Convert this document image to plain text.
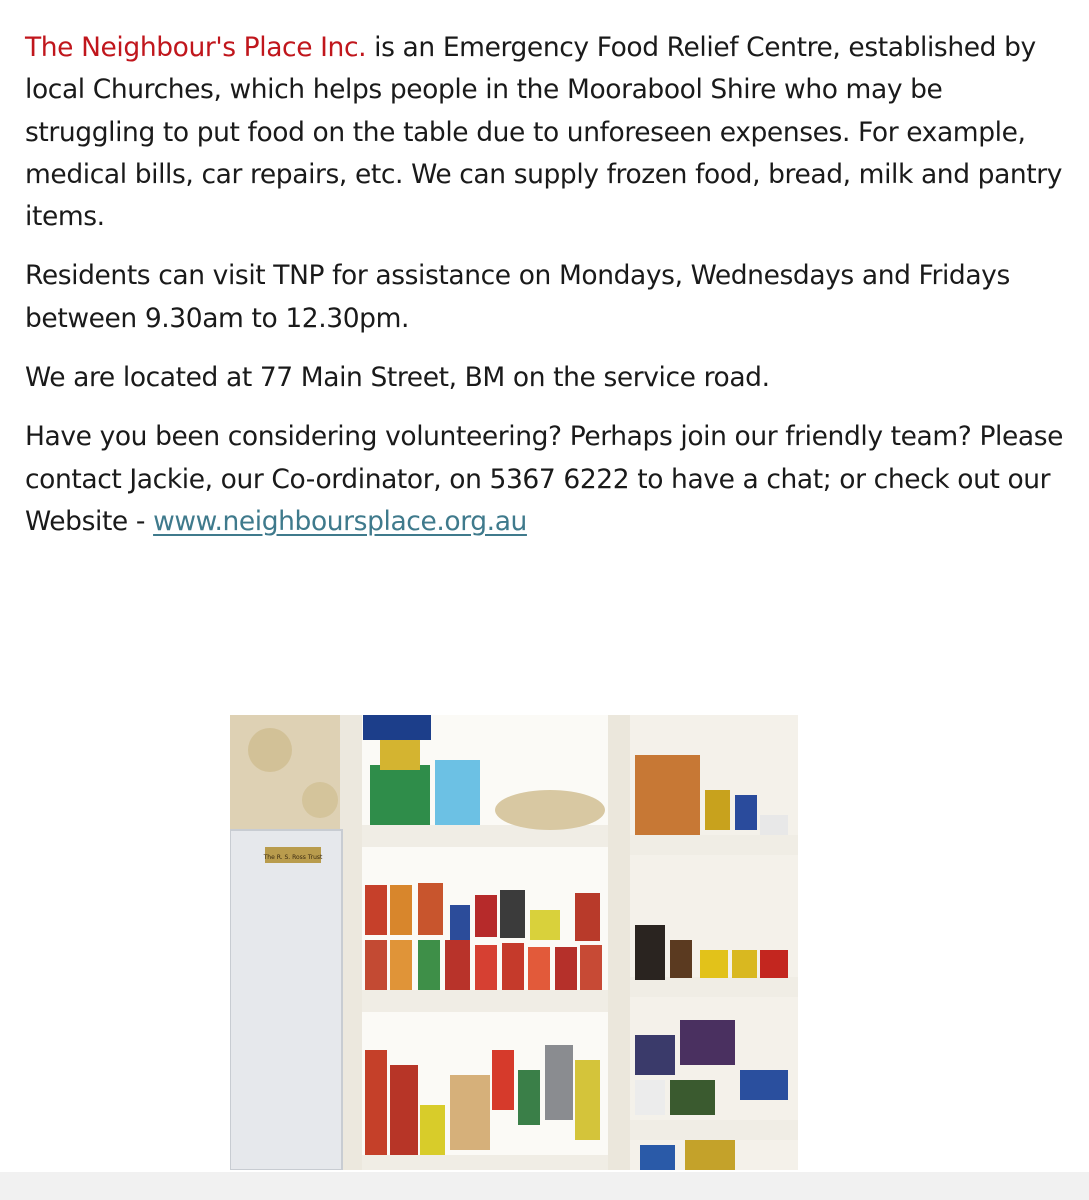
The Neighbour's Place Inc. is an Emergency Food Relief Centre, established by local Churches, which helps people in the Moorabool Shire who may be struggling to put food on the table due to unforeseen expenses. For example, medical bills, car repairs, etc. We can supply frozen food, bread, milk and pantry items.

Residents can visit TNP for assistance on Mondays, Wednesdays and Fridays between 9.30am to 12.30pm.

We are located at 77 Main Street, BM on the service road.

Have you been considering volunteering? Perhaps join our friendly team? Please contact Jackie, our Co-ordinator, on 5367 6222 to have a chat; or check out our Website - www.neighboursplace.org.au

The R. S. Ross Trust
